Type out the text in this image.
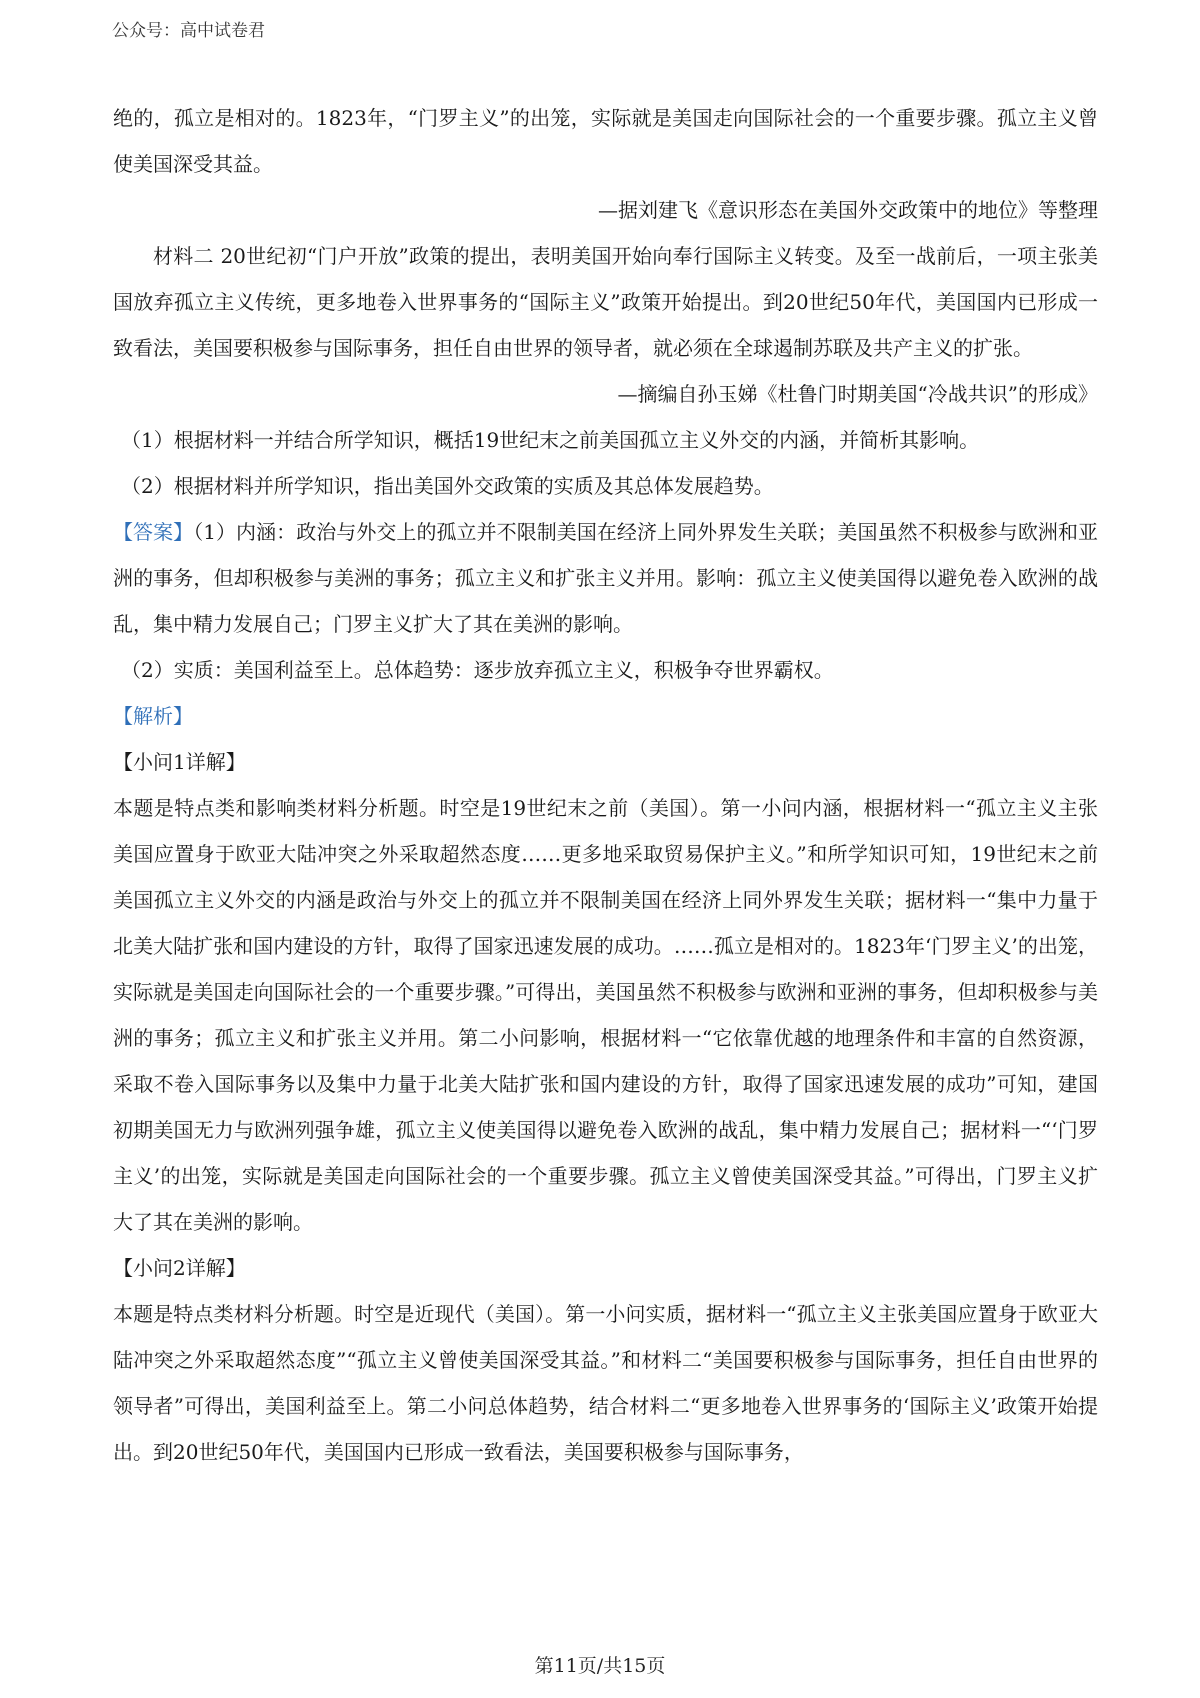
公众号：高中试卷君

绝的，孤立是相对的。1823年，“门罗主义”的出笼，实际就是美国走向国际社会的一个重要步骤。孤立主义曾使美国深受其益。

—据刘建飞《意识形态在美国外交政策中的地位》等整理

材料二 20世纪初“门户开放”政策的提出，表明美国开始向奉行国际主义转变。及至一战前后，一项主张美国放弃孤立主义传统，更多地卷入世界事务的“国际主义”政策开始提出。到20世纪50年代，美国国内已形成一致看法，美国要积极参与国际事务，担任自由世界的领导者，就必须在全球遏制苏联及共产主义的扩张。

—摘编自孙玉娣《杜鲁门时期美国“冷战共识”的形成》

（1）根据材料一并结合所学知识，概括19世纪末之前美国孤立主义外交的内涵，并简析其影响。

（2）根据材料并所学知识，指出美国外交政策的实质及其总体发展趋势。

【答案】（1）内涵：政治与外交上的孤立并不限制美国在经济上同外界发生关联；美国虽然不积极参与欧洲和亚洲的事务，但却积极参与美洲的事务；孤立主义和扩张主义并用。影响：孤立主义使美国得以避免卷入欧洲的战乱，集中精力发展自己；门罗主义扩大了其在美洲的影响。

（2）实质：美国利益至上。总体趋势：逐步放弃孤立主义，积极争夺世界霸权。

【解析】

【小问1详解】

本题是特点类和影响类材料分析题。时空是19世纪末之前（美国）。第一小问内涵，根据材料一“孤立主义主张美国应置身于欧亚大陆冲突之外采取超然态度……更多地采取贸易保护主义。”和所学知识可知，19世纪末之前美国孤立主义外交的内涵是政治与外交上的孤立并不限制美国在经济上同外界发生关联；据材料一“集中力量于北美大陆扩张和国内建设的方针，取得了国家迅速发展的成功。……孤立是相对的。1823年‘门罗主义’的出笼，实际就是美国走向国际社会的一个重要步骤。”可得出，美国虽然不积极参与欧洲和亚洲的事务，但却积极参与美洲的事务；孤立主义和扩张主义并用。第二小问影响，根据材料一“它依靠优越的地理条件和丰富的自然资源，采取不卷入国际事务以及集中力量于北美大陆扩张和国内建设的方针，取得了国家迅速发展的成功”可知，建国初期美国无力与欧洲列强争雄，孤立主义使美国得以避免卷入欧洲的战乱，集中精力发展自己；据材料一“‘门罗主义’的出笼，实际就是美国走向国际社会的一个重要步骤。孤立主义曾使美国深受其益。”可得出，门罗主义扩大了其在美洲的影响。

【小问2详解】

本题是特点类材料分析题。时空是近现代（美国）。第一小问实质，据材料一“孤立主义主张美国应置身于欧亚大陆冲突之外采取超然态度”“孤立主义曾使美国深受其益。”和材料二“美国要积极参与国际事务，担任自由世界的领导者”可得出，美国利益至上。第二小问总体趋势，结合材料二“更多地卷入世界事务的‘国际主义’政策开始提出。到20世纪50年代，美国国内已形成一致看法，美国要积极参与国际事务，

第11页/共15页
